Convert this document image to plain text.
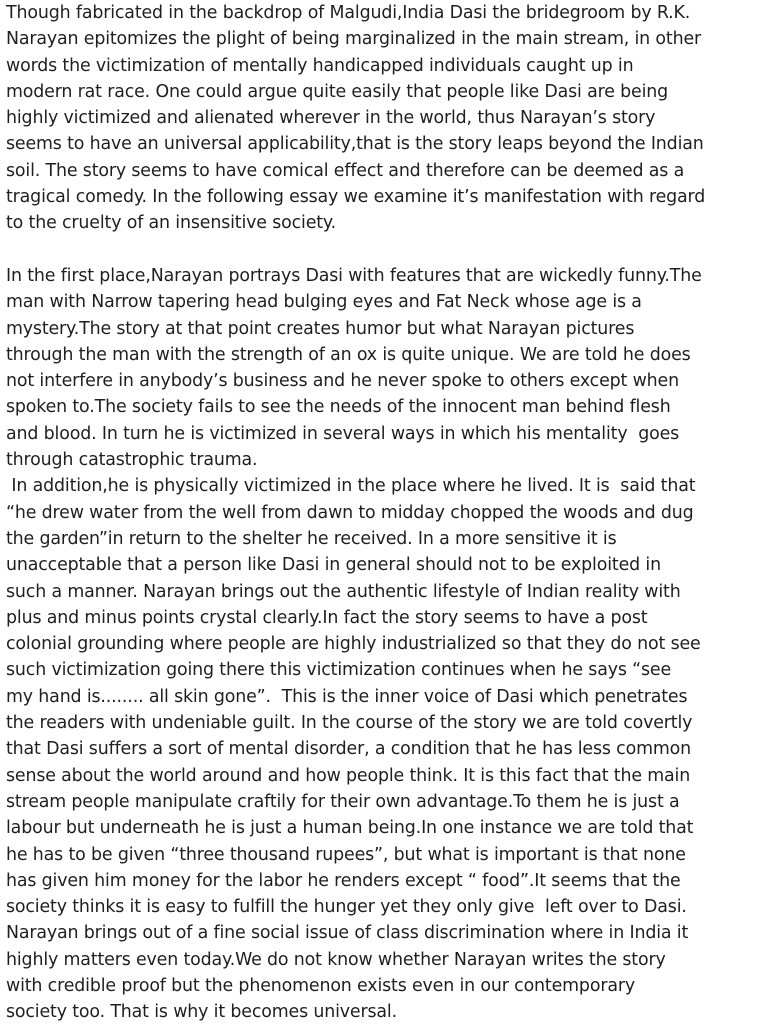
Though fabricated in the backdrop of Malgudi,India Dasi the bridegroom by R.K.
Narayan epitomizes the plight of being marginalized in the main stream, in other
words the victimization of mentally handicapped individuals caught up in
modern rat race. One could argue quite easily that people like Dasi are being
highly victimized and alienated wherever in the world, thus Narayan’s story
seems to have an universal applicability,that is the story leaps beyond the Indian
soil. The story seems to have comical effect and therefore can be deemed as a
tragical comedy. In the following essay we examine it’s manifestation with regard
to the cruelty of an insensitive society.
In the first place,Narayan portrays Dasi with features that are wickedly funny.The
man with Narrow tapering head bulging eyes and Fat Neck whose age is a
mystery.The story at that point creates humor but what Narayan pictures
through the man with the strength of an ox is quite unique. We are told he does
not interfere in anybody’s business and he never spoke to others except when
spoken to.The society fails to see the needs of the innocent man behind flesh
and blood. In turn he is victimized in several ways in which his mentality  goes
through catastrophic trauma.
In addition,he is physically victimized in the place where he lived. It is  said that
“he drew water from the well from dawn to midday chopped the woods and dug
the garden”in return to the shelter he received. In a more sensitive it is
unacceptable that a person like Dasi in general should not to be exploited in
such a manner. Narayan brings out the authentic lifestyle of Indian reality with
plus and minus points crystal clearly.In fact the story seems to have a post
colonial grounding where people are highly industrialized so that they do not see
such victimization going there this victimization continues when he says “see
my hand is........ all skin gone”.  This is the inner voice of Dasi which penetrates
the readers with undeniable guilt. In the course of the story we are told covertly
that Dasi suffers a sort of mental disorder, a condition that he has less common
sense about the world around and how people think. It is this fact that the main
stream people manipulate craftily for their own advantage.To them he is just a
labour but underneath he is just a human being.In one instance we are told that
he has to be given “three thousand rupees”, but what is important is that none
has given him money for the labor he renders except “ food”.It seems that the
society thinks it is easy to fulfill the hunger yet they only give  left over to Dasi.
Narayan brings out of a fine social issue of class discrimination where in India it
highly matters even today.We do not know whether Narayan writes the story
with credible proof but the phenomenon exists even in our contemporary
society too. That is why it becomes universal.
